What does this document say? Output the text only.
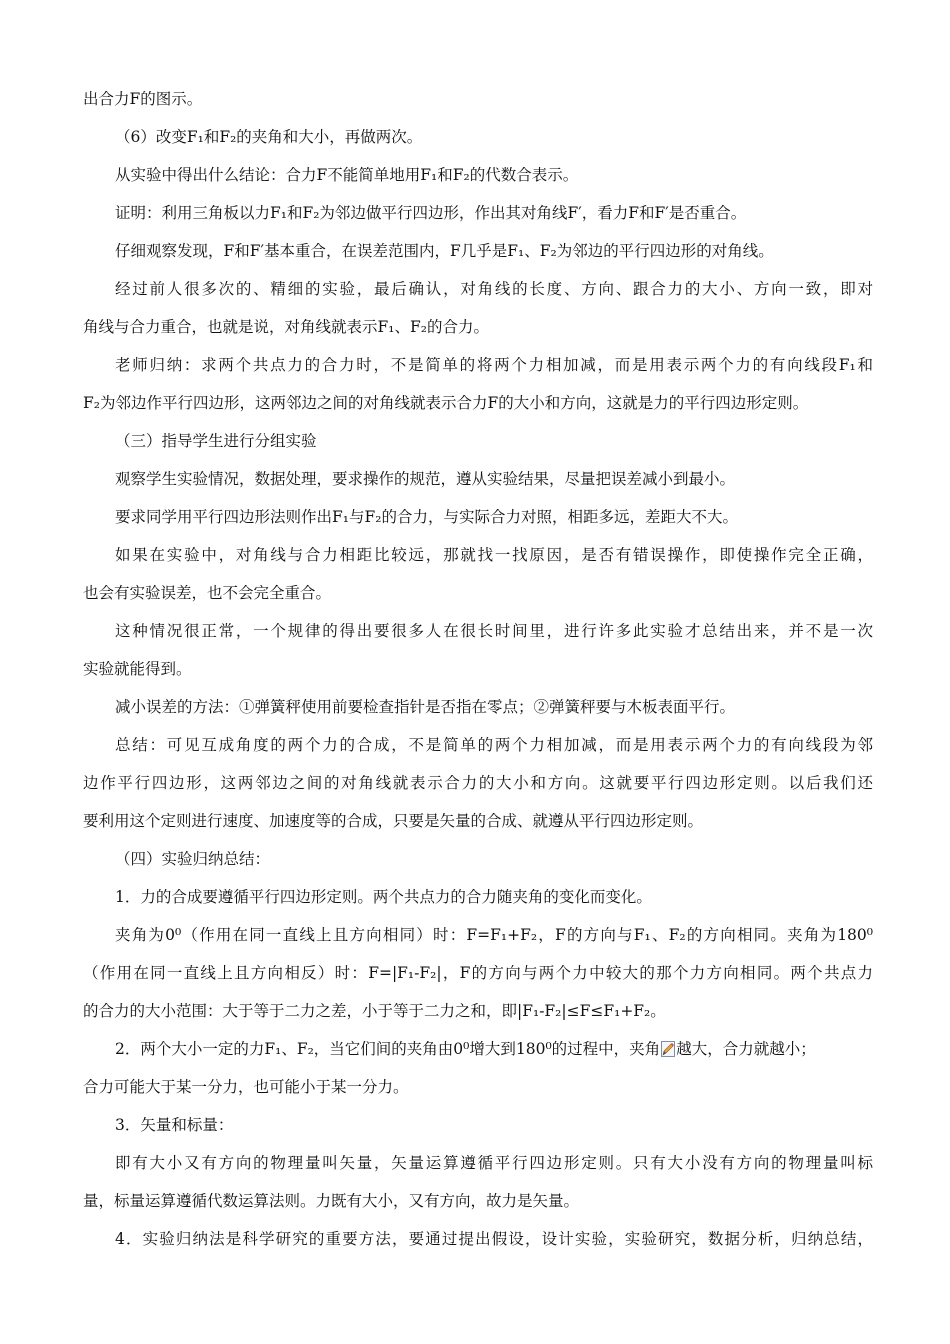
出合力F的图示。
（6）改变F₁和F₂的夹角和大小，再做两次。
从实验中得出什么结论：合力F不能简单地用F₁和F₂的代数合表示。
证明：利用三角板以力F₁和F₂为邻边做平行四边形，作出其对角线F′，看力F和F′是否重合。
仔细观察发现，F和F′基本重合，在误差范围内，F几乎是F₁、F₂为邻边的平行四边形的对角线。
经过前人很多次的、精细的实验，最后确认，对角线的长度、方向、跟合力的大小、方向一致，即对
角线与合力重合，也就是说，对角线就表示F₁、F₂的合力。
老师归纳：求两个共点力的合力时，不是简单的将两个力相加减，而是用表示两个力的有向线段F₁和
F₂为邻边作平行四边形，这两邻边之间的对角线就表示合力F的大小和方向，这就是力的平行四边形定则。
（三）指导学生进行分组实验
观察学生实验情况，数据处理，要求操作的规范，遵从实验结果，尽量把误差减小到最小。
要求同学用平行四边形法则作出F₁与F₂的合力，与实际合力对照，相距多远，差距大不大。
如果在实验中，对角线与合力相距比较远，那就找一找原因，是否有错误操作，即使操作完全正确，
也会有实验误差，也不会完全重合。
这种情况很正常，一个规律的得出要很多人在很长时间里，进行许多此实验才总结出来，并不是一次
实验就能得到。
减小误差的方法：①弹簧秤使用前要检查指针是否指在零点；②弹簧秤要与木板表面平行。
总结：可见互成角度的两个力的合成，不是简单的两个力相加减，而是用表示两个力的有向线段为邻
边作平行四边形，这两邻边之间的对角线就表示合力的大小和方向。这就要平行四边形定则。以后我们还
要利用这个定则进行速度、加速度等的合成，只要是矢量的合成、就遵从平行四边形定则。
（四）实验归纳总结：
1．力的合成要遵循平行四边形定则。两个共点力的合力随夹角的变化而变化。
夹角为0⁰（作用在同一直线上且方向相同）时：F=F₁+F₂，F的方向与F₁、F₂的方向相同。夹角为180⁰
（作用在同一直线上且方向相反）时：F=|F₁-F₂|，F的方向与两个力中较大的那个力方向相同。两个共点力
的合力的大小范围：大于等于二力之差，小于等于二力之和，即|F₁-F₂|≤F≤F₁+F₂。
2．两个大小一定的力F₁、F₂，当它们间的夹角由0⁰增大到180⁰的过程中，夹角 越大，合力就越小；
合力可能大于某一分力，也可能小于某一分力。
3．矢量和标量：
即有大小又有方向的物理量叫矢量，矢量运算遵循平行四边形定则。只有大小没有方向的物理量叫标
量，标量运算遵循代数运算法则。力既有大小，又有方向，故力是矢量。
4．实验归纳法是科学研究的重要方法，要通过提出假设，设计实验，实验研究，数据分析，归纳总结，
